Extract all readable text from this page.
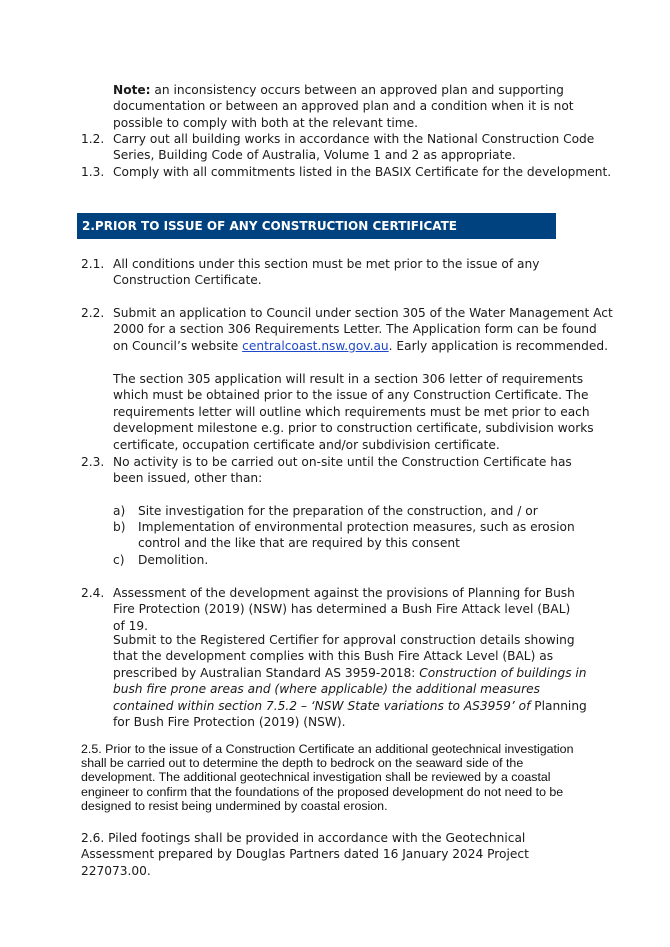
Note: an inconsistency occurs between an approved plan and supporting documentation or between an approved plan and a condition when it is not possible to comply with both at the relevant time.
1.2. Carry out all building works in accordance with the National Construction Code Series, Building Code of Australia, Volume 1 and 2 as appropriate.
1.3. Comply with all commitments listed in the BASIX Certificate for the development.
2.PRIOR TO ISSUE OF ANY CONSTRUCTION CERTIFICATE
2.1. All conditions under this section must be met prior to the issue of any Construction Certificate.
2.2. Submit an application to Council under section 305 of the Water Management Act 2000 for a section 306 Requirements Letter. The Application form can be found on Council’s website centralcoast.nsw.gov.au. Early application is recommended.
The section 305 application will result in a section 306 letter of requirements which must be obtained prior to the issue of any Construction Certificate. The requirements letter will outline which requirements must be met prior to each development milestone e.g. prior to construction certificate, subdivision works certificate, occupation certificate and/or subdivision certificate.
2.3. No activity is to be carried out on-site until the Construction Certificate has been issued, other than:
a) Site investigation for the preparation of the construction, and / or
b) Implementation of environmental protection measures, such as erosion control and the like that are required by this consent
c) Demolition.
2.4. Assessment of the development against the provisions of Planning for Bush Fire Protection (2019) (NSW) has determined a Bush Fire Attack level (BAL) of 19.
Submit to the Registered Certifier for approval construction details showing that the development complies with this Bush Fire Attack Level (BAL) as prescribed by Australian Standard AS 3959-2018: Construction of buildings in bush fire prone areas and (where applicable) the additional measures contained within section 7.5.2 – ‘NSW State variations to AS3959’ of Planning for Bush Fire Protection (2019) (NSW).
2.5. Prior to the issue of a Construction Certificate an additional geotechnical investigation shall be carried out to determine the depth to bedrock on the seaward side of the development. The additional geotechnical investigation shall be reviewed by a coastal engineer to confirm that the foundations of the proposed development do not need to be designed to resist being undermined by coastal erosion.
2.6. Piled footings shall be provided in accordance with the Geotechnical Assessment prepared by Douglas Partners dated 16 January 2024 Project 227073.00.
